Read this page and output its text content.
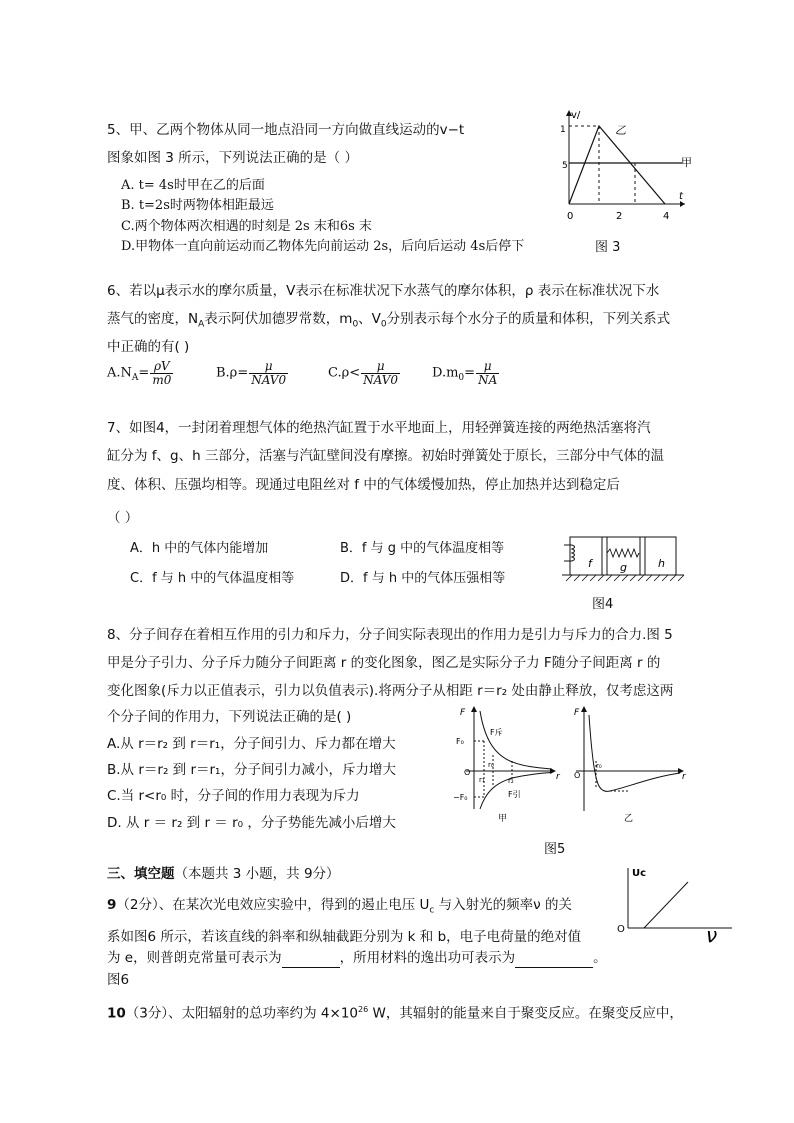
5、甲、乙两个物体从同一地点沿同一方向做直线运动的v−t
图象如图 3 所示，下列说法正确的是（ ）
A. t= 4s时甲在乙的后面
B. t=2s时两物体相距最远
C.两个物体两次相遇的时刻是 2s 末和6s 末
D.甲物体一直向前运动而乙物体先向前运动 2s，后向后运动 4s后停下	图 3
v/
1
5
乙
甲
t
0	2	4
6、若以μ表示水的摩尔质量，V表示在标准状况下水蒸气的摩尔体积，ρ 表示在标准状况下水
蒸气的密度，$N_A$表示阿伏加德罗常数，$m_0$、$V_0$分别表示每个水分子的质量和体积，下列关系式
中正确的有( )
$A.N_A= \frac{\rho V}{m0}$	$B.\rho= \frac{\mu}{\text{NAV0}}$	$C.\rho< \frac{\mu}{\text{NAV0}} D.m_0= \frac{\mu}{NA}$
7、如图4，一封闭着理想气体的绝热汽缸置于水平地面上，用轻弹簧连接的两绝热活塞将汽
缸分为 f、g、h 三部分，活塞与汽缸壁间没有摩擦。初始时弹簧处于原长，三部分中气体的温
度、体积、压强均相等。现通过电阻丝对 f 中的气体缓慢加热，停止加热并达到稳定后
（ ）
A．h 中的气体内能增加	B．f 与 g 中的气体温度相等
C．f 与 h 中的气体温度相等	D．f 与 h 中的气体压强相等
图4
f	g	h
8、分子间存在着相互作用的引力和斥力，分子间实际表现出的作用力是引力与斥力的合力.图 5
甲是分子引力、分子斥力随分子间距离 r 的变化图象，图乙是实际分子力 F随分子间距离 r 的
变化图象(斥力以正值表示，引力以负值表示).将两分子从相距 r＝r₂ 处由静止释放，仅考虑这两
个分子间的作用力，下列说法正确的是( )
A.从 r＝r₂ 到 r＝r₁，分子间引力、斥力都在增大
B.从 r＝r₂ 到 r＝r₁，分子间引力减小，斥力增大
C.当 r<r₀ 时，分子间的作用力表现为斥力
D. 从 r ＝ r₂ 到 r ＝ r₀ ，分子势能先减小后增大
图5
F
r
F₀
O
−F₀
r₁
r₀
r₂
F斥
F引
甲
F
r
O
r₀
乙
三、填空题（本题共 3 小题，共 9分）
9（2分）、在某次光电效应实验中，得到的遏止电压 $U_c$ 与入射光的频率ν 的关
系如图6 所示，若该直线的斜率和纵轴截距分别为 k 和 b，电子电荷量的绝对值
为 e，则普朗克常量可表示为	，所用材料的逸出功可表示为	。
图6
Uc
O	ν
10（3分）、太阳辐射的总功率约为 $4\times 10^{26}$ W，其辐射的能量来自于聚变反应。在聚变反应中，
